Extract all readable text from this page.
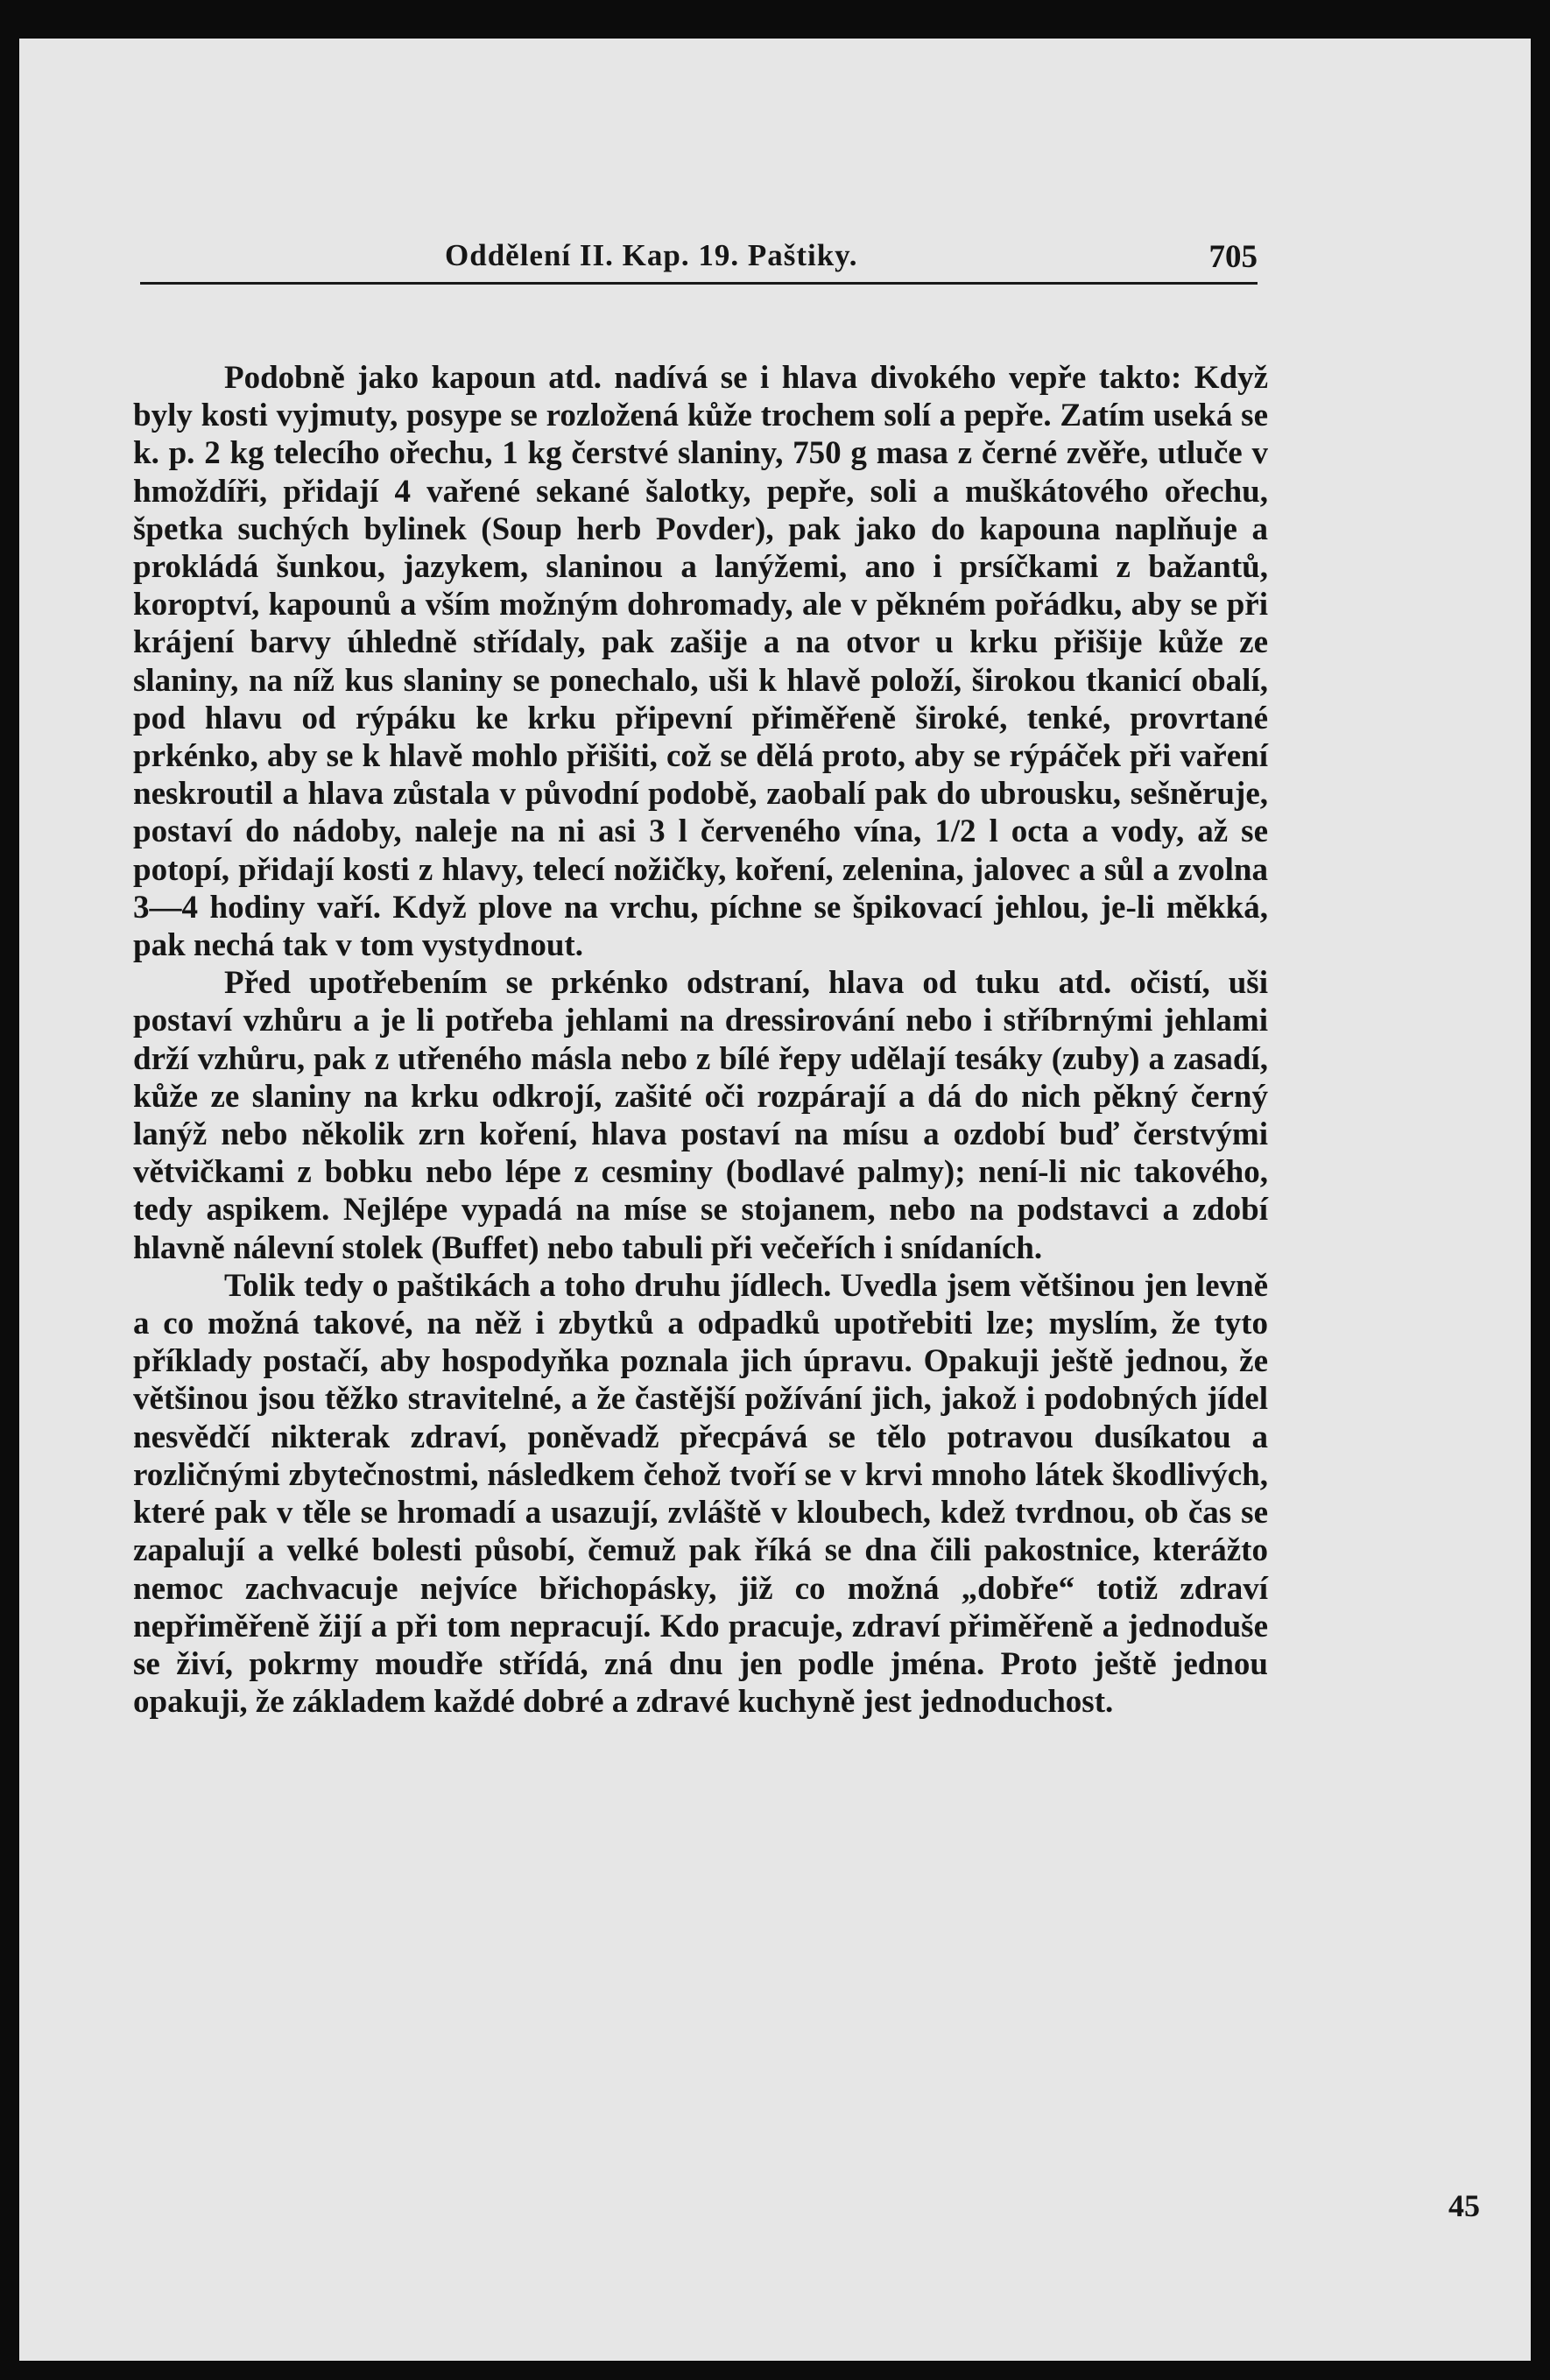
Oddělení II. Kap. 19. Paštiky.	705

Podobně jako kapoun atd. nadívá se i hlava divokého vepře takto: Když byly kosti vyjmuty, posype se rozložená kůže trochem solí a pepře. Zatím useká se k. p. 2 kg telecího ořechu, 1 kg čerstvé slaniny, 750 g masa z černé zvěře, utluče v hmoždíři, přidají 4 vařené sekané šalotky, pepře, soli a muškátového ořechu, špetka suchých bylinek (Soup herb Povder), pak jako do kapouna naplňuje a prokládá šunkou, jazykem, slaninou a lanýžemi, ano i prsíčkami z bažantů, koroptví, kapounů a vším možným dohromady, ale v pěkném pořádku, aby se při krájení barvy úhledně střídaly, pak zašije a na otvor u krku přišije kůže ze slaniny, na níž kus slaniny se ponechalo, uši k hlavě položí, širokou tkanicí obalí, pod hlavu od rýpáku ke krku připevní přiměřeně široké, tenké, provrtané prkénko, aby se k hlavě mohlo přišiti, což se dělá proto, aby se rýpáček při vaření neskroutil a hlava zůstala v původní podobě, zaobalí pak do ubrousku, sešněruje, postaví do nádoby, naleje na ni asi 3 l červeného vína, 1/2 l octa a vody, až se potopí, přidají kosti z hlavy, telecí nožičky, koření, zelenina, jalovec a sůl a zvolna 3—4 hodiny vaří. Když plove na vrchu, píchne se špikovací jehlou, je-li měkká, pak nechá tak v tom vystydnout.

Před upotřebením se prkénko odstraní, hlava od tuku atd. očistí, uši postaví vzhůru a je li potřeba jehlami na dressirování nebo i stříbrnými jehlami drží vzhůru, pak z utřeného másla nebo z bílé řepy udělají tesáky (zuby) a zasadí, kůže ze slaniny na krku odkrojí, zašité oči rozpárají a dá do nich pěkný černý lanýž nebo několik zrn koření, hlava postaví na mísu a ozdobí buď čerstvými větvičkami z bobku nebo lépe z cesminy (bodlavé palmy); není-li nic takového, tedy aspikem. Nejlépe vypadá na míse se stojanem, nebo na podstavci a zdobí hlavně nálevní stolek (Buffet) nebo tabuli při večeřích i snídaních.

Tolik tedy o paštikách a toho druhu jídlech. Uvedla jsem většinou jen levně a co možná takové, na něž i zbytků a odpadků upotřebiti lze; myslím, že tyto příklady postačí, aby hospodyňka poznala jich úpravu. Opakuji ještě jednou, že většinou jsou těžko stravitelné, a že častější požívání jich, jakož i podobných jídel nesvědčí nikterak zdraví, poněvadž přecpává se tělo potravou dusíkatou a rozličnými zbytečnostmi, následkem čehož tvoří se v krvi mnoho látek škodlivých, které pak v těle se hromadí a usazují, zvláště v kloubech, kdež tvrdnou, ob čas se zapalují a velké bolesti působí, čemuž pak říká se dna čili pakostnice, kterážto nemoc zachvacuje nejvíce břichopásky, již co možná „dobře“ totiž zdraví nepřiměřeně žijí a při tom nepracují. Kdo pracuje, zdraví přiměřeně a jednoduše se živí, pokrmy moudře střídá, zná dnu jen podle jména. Proto ještě jednou opakuji, že základem každé dobré a zdravé kuchyně jest jednoduchost.

45
